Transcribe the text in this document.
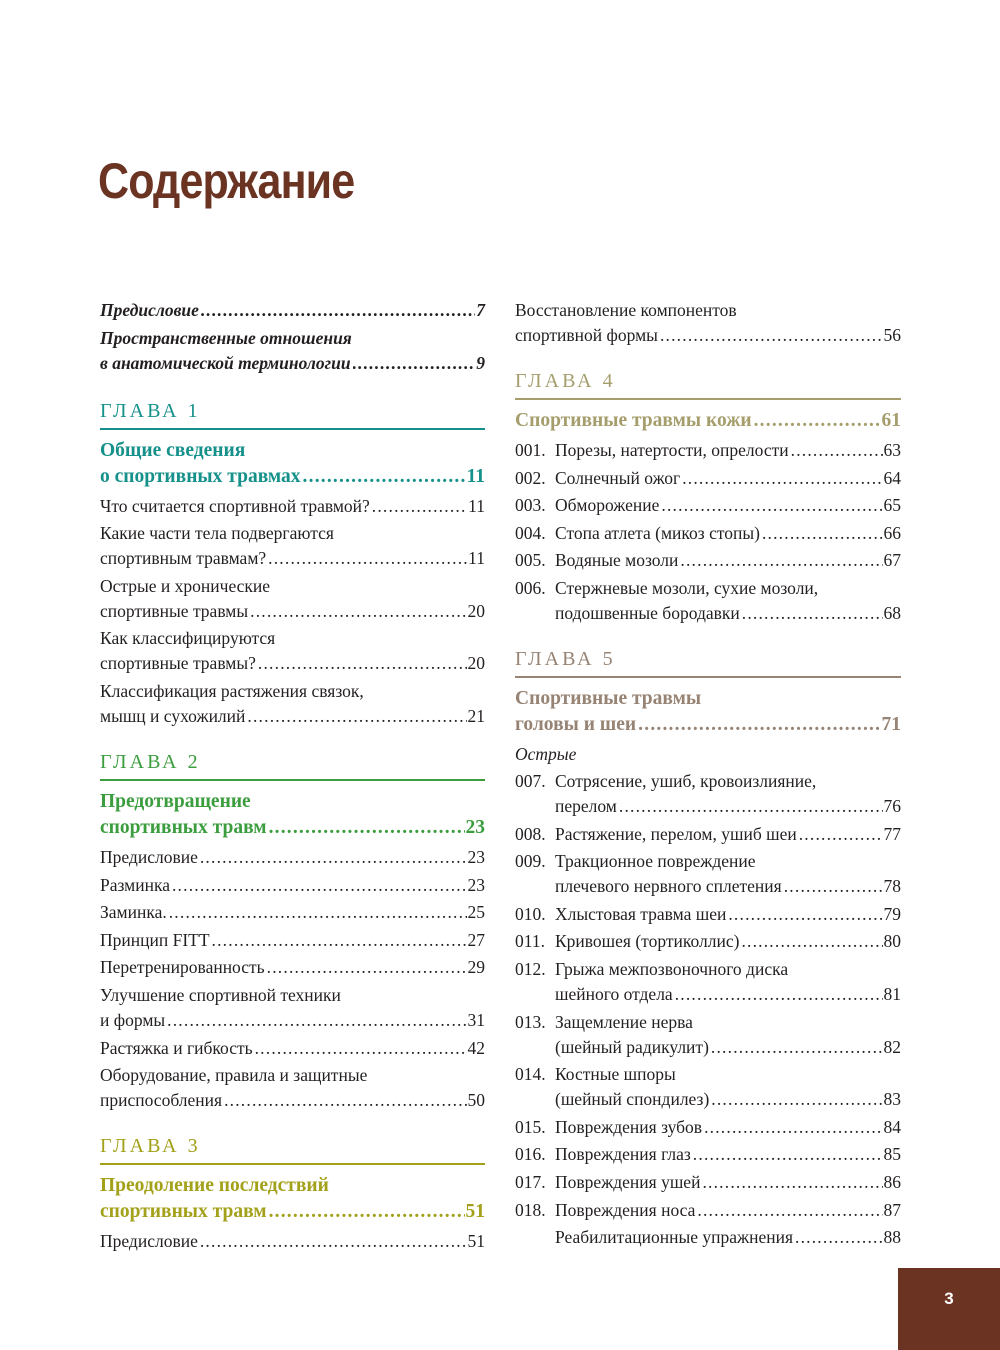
Содержание
Предисловие .....	7
Пространственные отношения
в анатомической терминологии .....	9
ГЛАВА 1
Общие сведения
о спортивных травмах .....	11
Что считается спортивной травмой? .....	11
Какие части тела подвергаются
спортивным травмам? .....	11
Острые и хронические
спортивные травмы .....	20
Как классифицируются
спортивные травмы? .....	20
Классификация растяжения связок,
мышц и сухожилий .....	21
ГЛАВА 2
Предотвращение
спортивных травм .....	23
Предисловие .....	23
Разминка .....	23
Заминка. .....	25
Принцип FITT .....	27
Перетренированность .....	29
Улучшение спортивной техники
и формы .....	31
Растяжка и гибкость .....	42
Оборудование, правила и защитные
приспособления .....	50
ГЛАВА 3
Преодоление последствий
спортивных травм .....	51
Предисловие .....	51
Восстановление компонентов
спортивной формы .....	56
ГЛАВА 4
Спортивные травмы кожи .....	61
001. Порезы, натертости, опрелости .....	63
002. Солнечный ожог .....	64
003. Обморожение .....	65
004. Стопа атлета (микоз стопы) .....	66
005. Водяные мозоли .....	67
006. Стержневые мозоли, сухие мозоли,
подошвенные бородавки .....	68
ГЛАВА 5
Спортивные травмы
головы и шеи .....	71
Острые
007. Сотрясение, ушиб, кровоизлияние,
перелом .....	76
008. Растяжение, перелом, ушиб шеи .....	77
009. Тракционное повреждение
плечевого нервного сплетения .....	78
010. Хлыстовая травма шеи .....	79
011. Кривошея (тортиколлис) .....	80
012. Грыжа межпозвоночного диска
шейного отдела .....	81
013. Защемление нерва
(шейный радикулит) .....	82
014. Костные шпоры
(шейный спондилез) .....	83
015. Повреждения зубов .....	84
016. Повреждения глаз .....	85
017. Повреждения ушей .....	86
018. Повреждения носа .....	87
Реабилитационные упражнения .....	88
3
